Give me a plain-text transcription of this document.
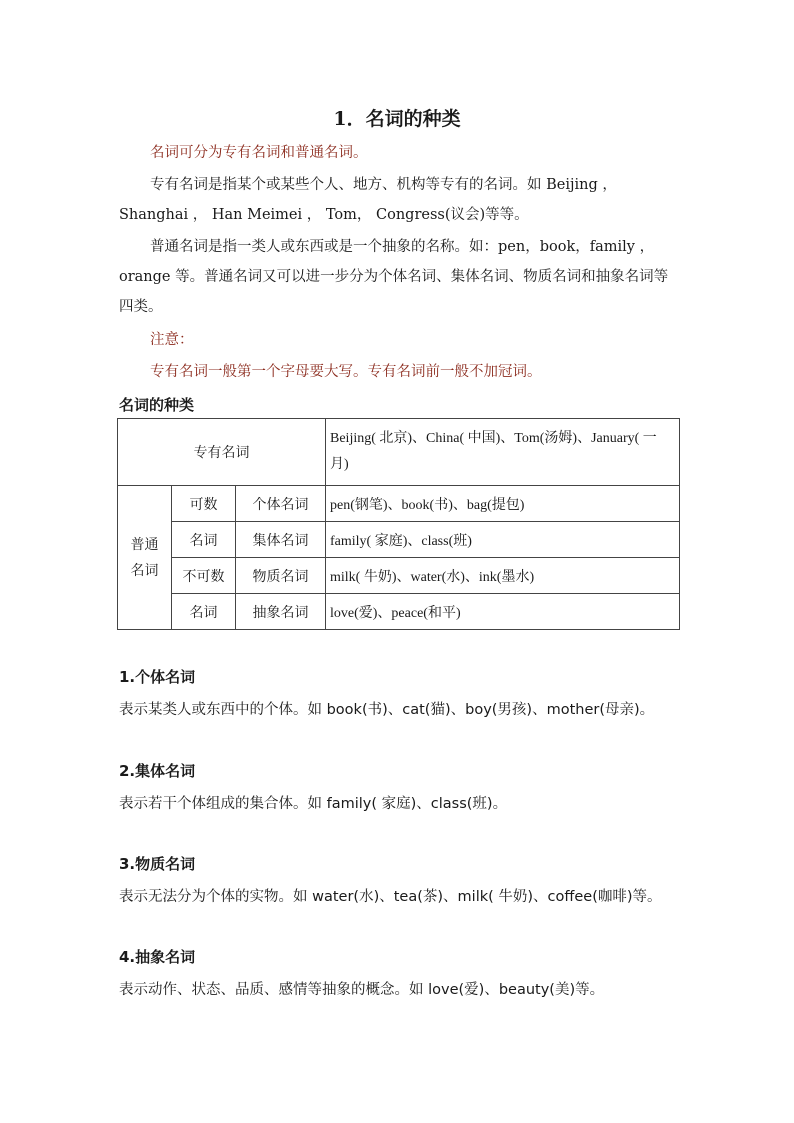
1．名词的种类
名词可分为专有名词和普通名词。
专有名词是指某个或某些个人、地方、机构等专有的名词。如 Beijing ，Shanghai ， Han Meimei ， Tom， Congress(议会)等等。
普通名词是指一类人或东西或是一个抽象的名称。如：pen，book，family ，orange 等。普通名词又可以进一步分为个体名词、集体名词、物质名词和抽象名词等四类。
注意：
专有名词一般第一个字母要大写。专有名词前一般不加冠词。
名词的种类
专有名词			Beijing( 北京)、China( 中国)、Tom(汤姆)、January( 一月)
普通名词	可数	个体名词	pen(钢笔)、book(书)、bag(提包)
	名词	集体名词	family( 家庭)、class(班)
	不可数	物质名词	milk( 牛奶)、water(水)、ink(墨水)
	名词	抽象名词	love(爱)、peace(和平)
1.个体名词
表示某类人或东西中的个体。如 book(书)、cat(猫)、boy(男孩)、mother(母亲)。
2.集体名词
表示若干个体组成的集合体。如 family( 家庭)、class(班)。
3.物质名词
表示无法分为个体的实物。如 water(水)、tea(茶)、milk( 牛奶)、coffee(咖啡)等。
4.抽象名词
表示动作、状态、品质、感情等抽象的概念。如 love(爱)、beauty(美)等。
